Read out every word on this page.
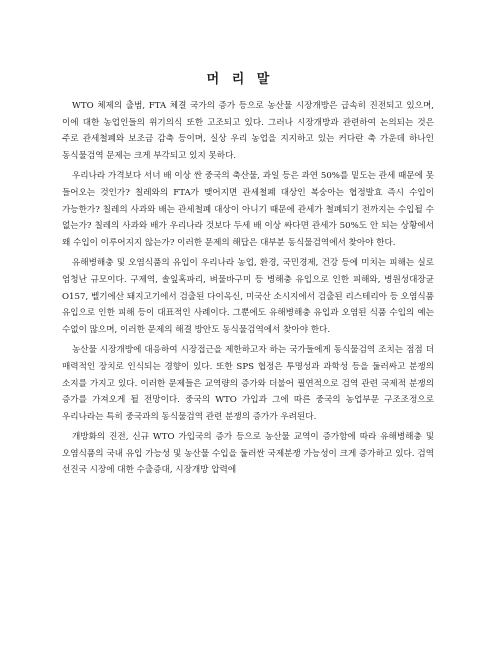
머 리 말

WTO 체제의 출범, FTA 체결 국가의 증가 등으로 농산물 시장개방은 급속히 진전되고 있으며, 이에 대한 농업인들의 위기의식 또한 고조되고 있다. 그러나 시장개방과 관련하여 논의되는 것은 주로 관세철폐와 보조금 감축 등이며, 실상 우리 농업을 지지하고 있는 커다란 축 가운데 하나인 동식물검역 문제는 크게 부각되고 있지 못하다.

우리나라 가격보다 서너 배 이상 싼 중국의 축산물, 과일 등은 과연 50%를 밑도는 관세 때문에 못 들어오는 것인가? 칠레와의 FTA가 맺어지면 관세철폐 대상인 복숭아는 협정발효 즉시 수입이 가능한가? 칠레의 사과와 배는 관세철폐 대상이 아니기 때문에 관세가 철폐되기 전까지는 수입될 수 없는가? 칠레의 사과와 배가 우리나라 것보다 두세 배 이상 싸다면 관세가 50%도 안 되는 상황에서 왜 수입이 이루어지지 않는가? 이러한 문제의 해답은 대부분 동식물검역에서 찾아야 한다.

유해병해충 및 오염식품의 유입이 우리나라 농업, 환경, 국민경제, 건강 등에 미치는 피해는 실로 엄청난 규모이다. 구제역, 솔잎혹파리, 벼물바구미 등 병해충 유입으로 인한 피해와, 병원성대장균 O157, 벨기에산 돼지고기에서 검출된 다이옥신, 미국산 소시지에서 검출된 리스테리아 등 오염식품 유입으로 인한 피해 등이 대표적인 사례이다. 그뿐에도 유해병해충 유입과 오염된 식품 수입의 예는 수없이 많으며, 이러한 문제의 해결 방안도 동식물검역에서 찾아야 한다.

농산물 시장개방에 대응하여 시장접근을 제한하고자 하는 국가들에게 동식물검역 조치는 점점 더 매력적인 장치로 인식되는 경향이 있다. 또한 SPS 협정은 투명성과 과학성 등을 둘러싸고 분쟁의 소지를 가지고 있다. 이러한 문제들은 교역량의 증가와 더불어 필연적으로 검역 관련 국제적 분쟁의 증가를 가져오게 될 전망이다. 중국의 WTO 가입과 그에 따른 중국의 농업부문 구조조정으로 우리나라는 특히 중국과의 동식물검역 관련 분쟁의 증가가 우려된다.

개방화의 진전, 신규 WTO 가입국의 증가 등으로 농산물 교역이 증가함에 따라 유해병해충 및 오염식품의 국내 유입 가능성 및 농산물 수입을 둘러싼 국제분쟁 가능성이 크게 증가하고 있다. 검역 선진국 시장에 대한 수출증대, 시장개방 압력에
